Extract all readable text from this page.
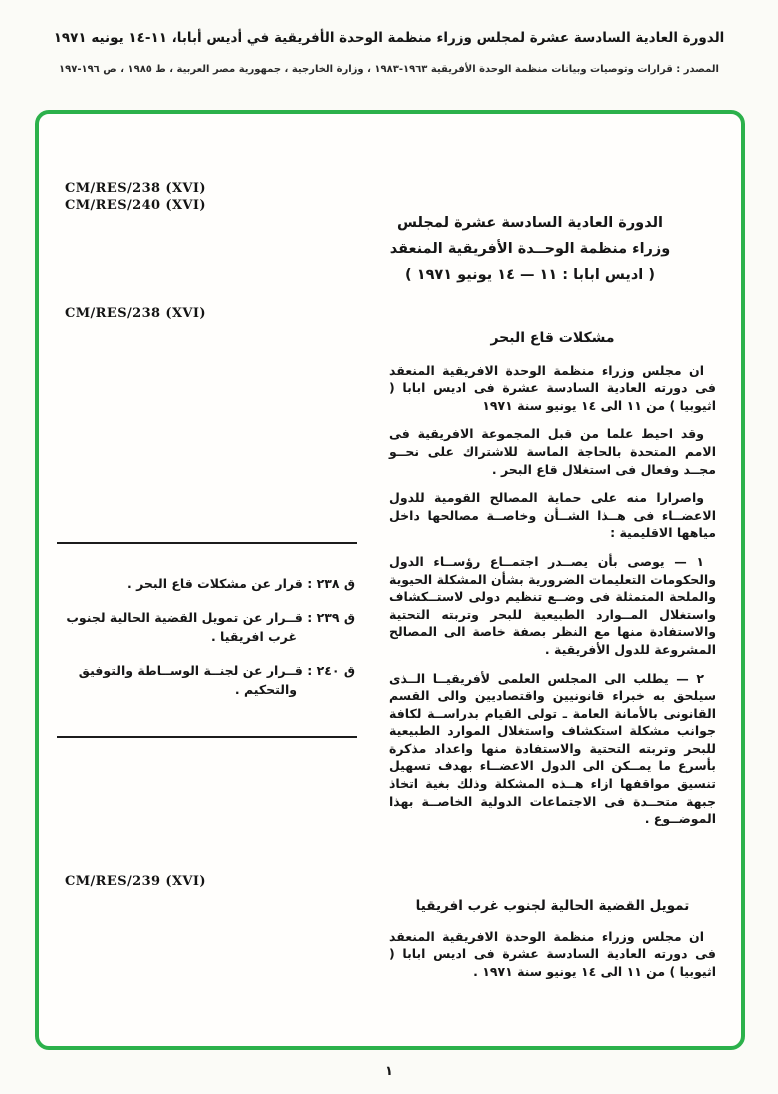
الدورة العادية السادسة عشرة لمجلس وزراء منظمة الوحدة الأفريقية في أديس أبابا، ١١-١٤ يونيه ١٩٧١
المصدر : قرارات وتوصيات وبيانات منظمة الوحدة الأفريقية ١٩٦٣-١٩٨٣ ، وزارة الخارجية ، جمهورية مصر العربية ، ط ١٩٨٥ ، ص ١٩٦-١٩٧
CM/RES/238 (XVI)
CM/RES/240 (XVI)
الدورة العادية السادسة عشرة لمجلس
وزراء منظمة الوحــدة الأفريقية المنعقد
( اديس ابابا : ١١ — ١٤ يونيو ١٩٧١ )
CM/RES/238 (XVI)
مشكلات قاع البحر

ان مجلس وزراء منظمة الوحدة الافريقية المنعقد فى دورته العادية السادسة عشرة فى اديس ابابا ( اثيوبيا ) من ١١ الى ١٤ يونيو سنة ١٩٧١

وقد احيط علما من قبل المجموعة الافريقية فى الامم المتحدة بالحاجة الماسة للاشتراك على نحــو مجــد وفعال فى استغلال قاع البحر .

واصرارا منه على حماية المصالح القومية للدول الاعضــاء فى هــذا الشــأن وخاصــة مصالحها داخل مياهها الاقليمية :

١ — يوصى بأن يصــدر اجتمــاع رؤســاء الدول والحكومات التعليمات الضرورية بشأن المشكلة الحيوية والملحة المتمثلة فى وضــع تنظيم دولى لاستــكشاف واستغلال المــوارد الطبيعية للبحر وتربته التحتية والاستفادة منها مع النظر بصفة خاصة الى المصالح المشروعة للدول الأفريقية .

٢ — يطلب الى المجلس العلمى لأفريقيــا الــذى سيلحق به خبراء قانونيين واقتصاديين والى القسم القانونى بالأمانة العامة ـ تولى القيام بدراســة لكافة جوانب مشكلة استكشاف واستغلال الموارد الطبيعية للبحر وتربته التحتية والاستفادة منها واعداد مذكرة بأسرع ما يمــكن الى الدول الاعضــاء بهدف تسهيل تنسيق مواقفها ازاء هــذه المشكلة وذلك بغية اتخاذ جبهة متحــدة فى الاجتماعات الدولية الخاصــة بهذا الموضــوع .

ق ٢٣٨ : قرار عن مشكلات قاع البحر .
ق ٢٣٩ : قــرار عن تمويل القضية الحالية لجنوب غرب افريقيا .
ق ٢٤٠ : قــرار عن لجنــة الوســاطة والتوفيق والتحكيم .
CM/RES/239 (XVI)
تمويل القضية الحالية لجنوب غرب افريقيا

ان مجلس وزراء منظمة الوحدة الافريقية المنعقد فى دورته العادية السادسة عشرة فى اديس ابابا ( اثيوبيا ) من ١١ الى ١٤ يونيو سنة ١٩٧١ .

١
